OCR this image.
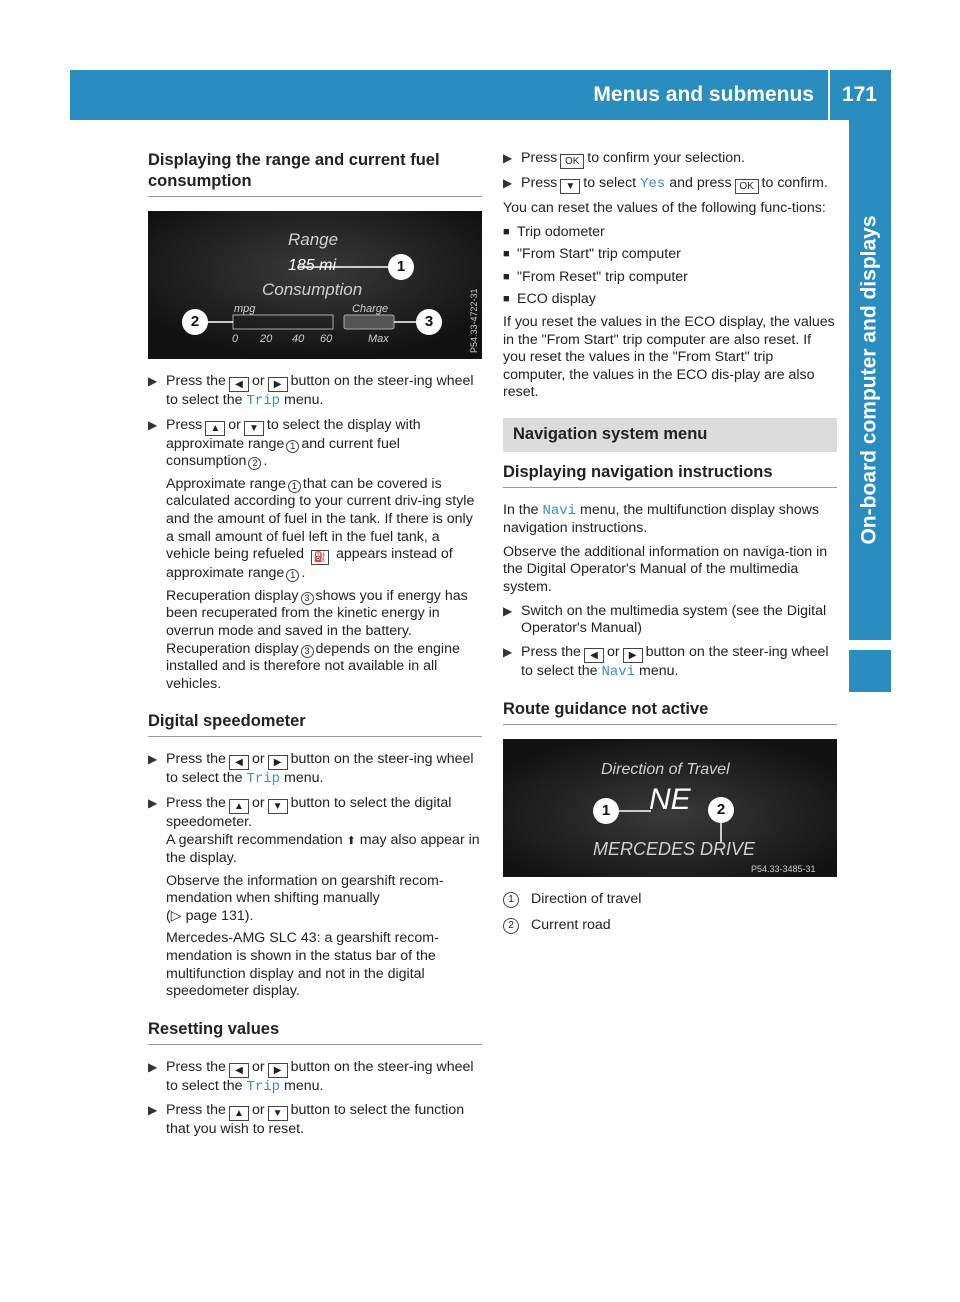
Menus and submenus 171
On-board computer and displays
Displaying the range and current fuel consumption
Range
185 mi
Consumption
mpg	Charge
0 20 40 60	Max
1
2	3	P54.33-4722-31
▶ Press the ◀ or ▶ button on the steer-ing wheel to select the Trip menu.
▶ Press ▲ or ▼ to select the display with approximate range 1 and current fuel consumption 2 .
Approximate range 1 that can be covered is calculated according to your current driv-ing style and the amount of fuel in the tank. If there is only a small amount of fuel left in the fuel tank, a vehicle being refueled ⛽ appears instead of approximate range 1 .
Recuperation display 3 shows you if energy has been recuperated from the kinetic energy in overrun mode and saved in the battery. Recuperation display 3 depends on the engine installed and is therefore not available in all vehicles.
Digital speedometer
▶ Press the ◀ or ▶ button on the steer-ing wheel to select the Trip menu.
▶ Press the ▲ or ▼ button to select the digital speedometer.
A gearshift recommendation ⬆ may also appear in the display.
Observe the information on gearshift recom-mendation when shifting manually
(▷ page 131).
Mercedes-AMG SLC 43: a gearshift recom-mendation is shown in the status bar of the multifunction display and not in the digital speedometer display.
Resetting values
▶ Press the ◀ or ▶ button on the steer-ing wheel to select the Trip menu.
▶ Press the ▲ or ▼ button to select the function that you wish to reset.
▶ Press OK to confirm your selection.
▶ Press ▼ to select Yes and press OK to confirm.

You can reset the values of the following func-tions:

■ Trip odometer
■ "From Start" trip computer
■ "From Reset" trip computer
■ ECO display

If you reset the values in the ECO display, the values in the "From Start" trip computer are also reset. If you reset the values in the "From Start" trip computer, the values in the ECO dis-play are also reset.

Navigation system menu
Displaying navigation instructions

In the Navi menu, the multifunction display shows navigation instructions.

Observe the additional information on naviga-tion in the Digital Operator's Manual of the multimedia system.

▶ Switch on the multimedia system (see the Digital Operator's Manual)
▶ Press the ◀ or ▶ button on the steer-ing wheel to select the Navi menu.
Route guidance not active
Direction of Travel
NE
MERCEDES DRIVE
1	2
P54.33-3485-31
1	Direction of travel
2	Current road
